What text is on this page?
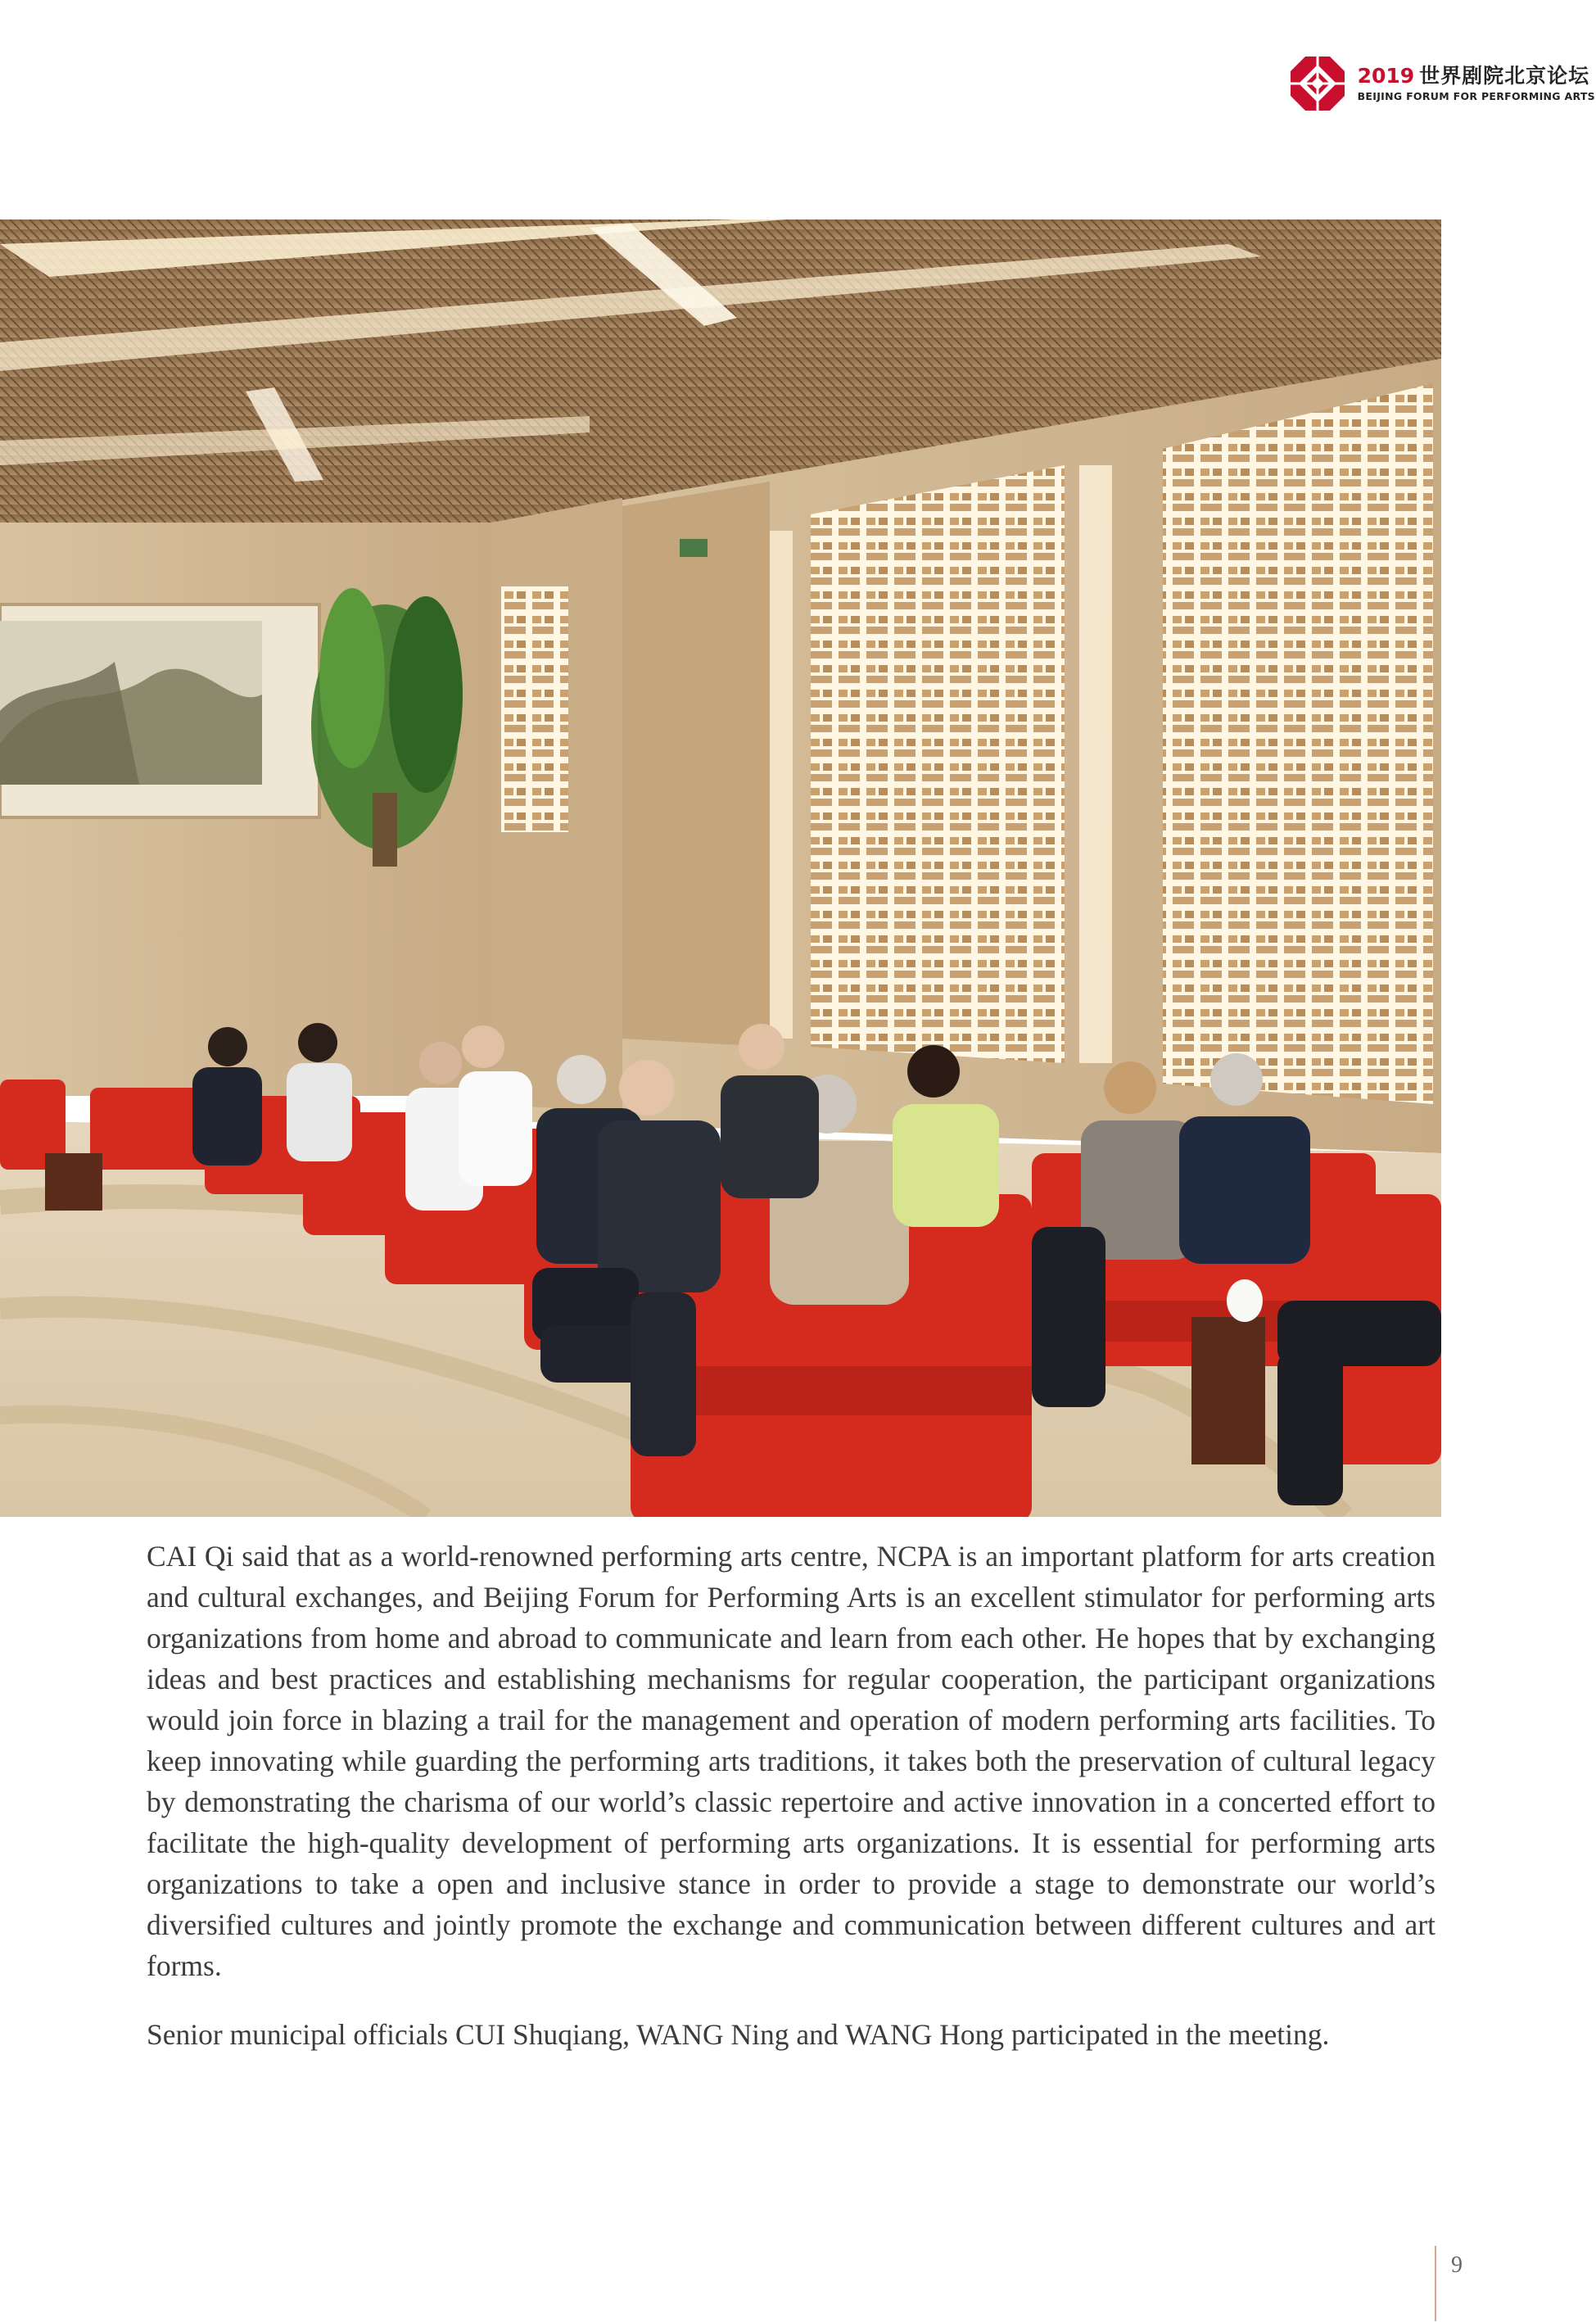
2019 世界剧院北京论坛
BEIJING FORUM FOR PERFORMING ARTS

CAI Qi said that as a world-renowned performing arts centre, NCPA is an important platform for arts creation and cultural exchanges, and Beijing Forum for Performing Arts is an excellent stimulator for performing arts organizations from home and abroad to communicate and learn from each other. He hopes that by exchanging ideas and best practices and establishing mechanisms for regular cooperation, the participant organizations would join force in blazing a trail for the management and operation of modern performing arts facilities. To keep innovating while guarding the performing arts traditions, it takes both the preservation of cultural legacy by demonstrating the charisma of our world’s classic repertoire and active innovation in a concerted effort to facilitate the high-quality development of performing arts organizations. It is essential for performing arts organizations to take a open and inclusive stance in order to provide a stage to demonstrate our world’s diversified cultures and jointly promote the exchange and communication between different cultures and art forms.

Senior municipal officials CUI Shuqiang, WANG Ning and WANG Hong participated in the meeting.

9
